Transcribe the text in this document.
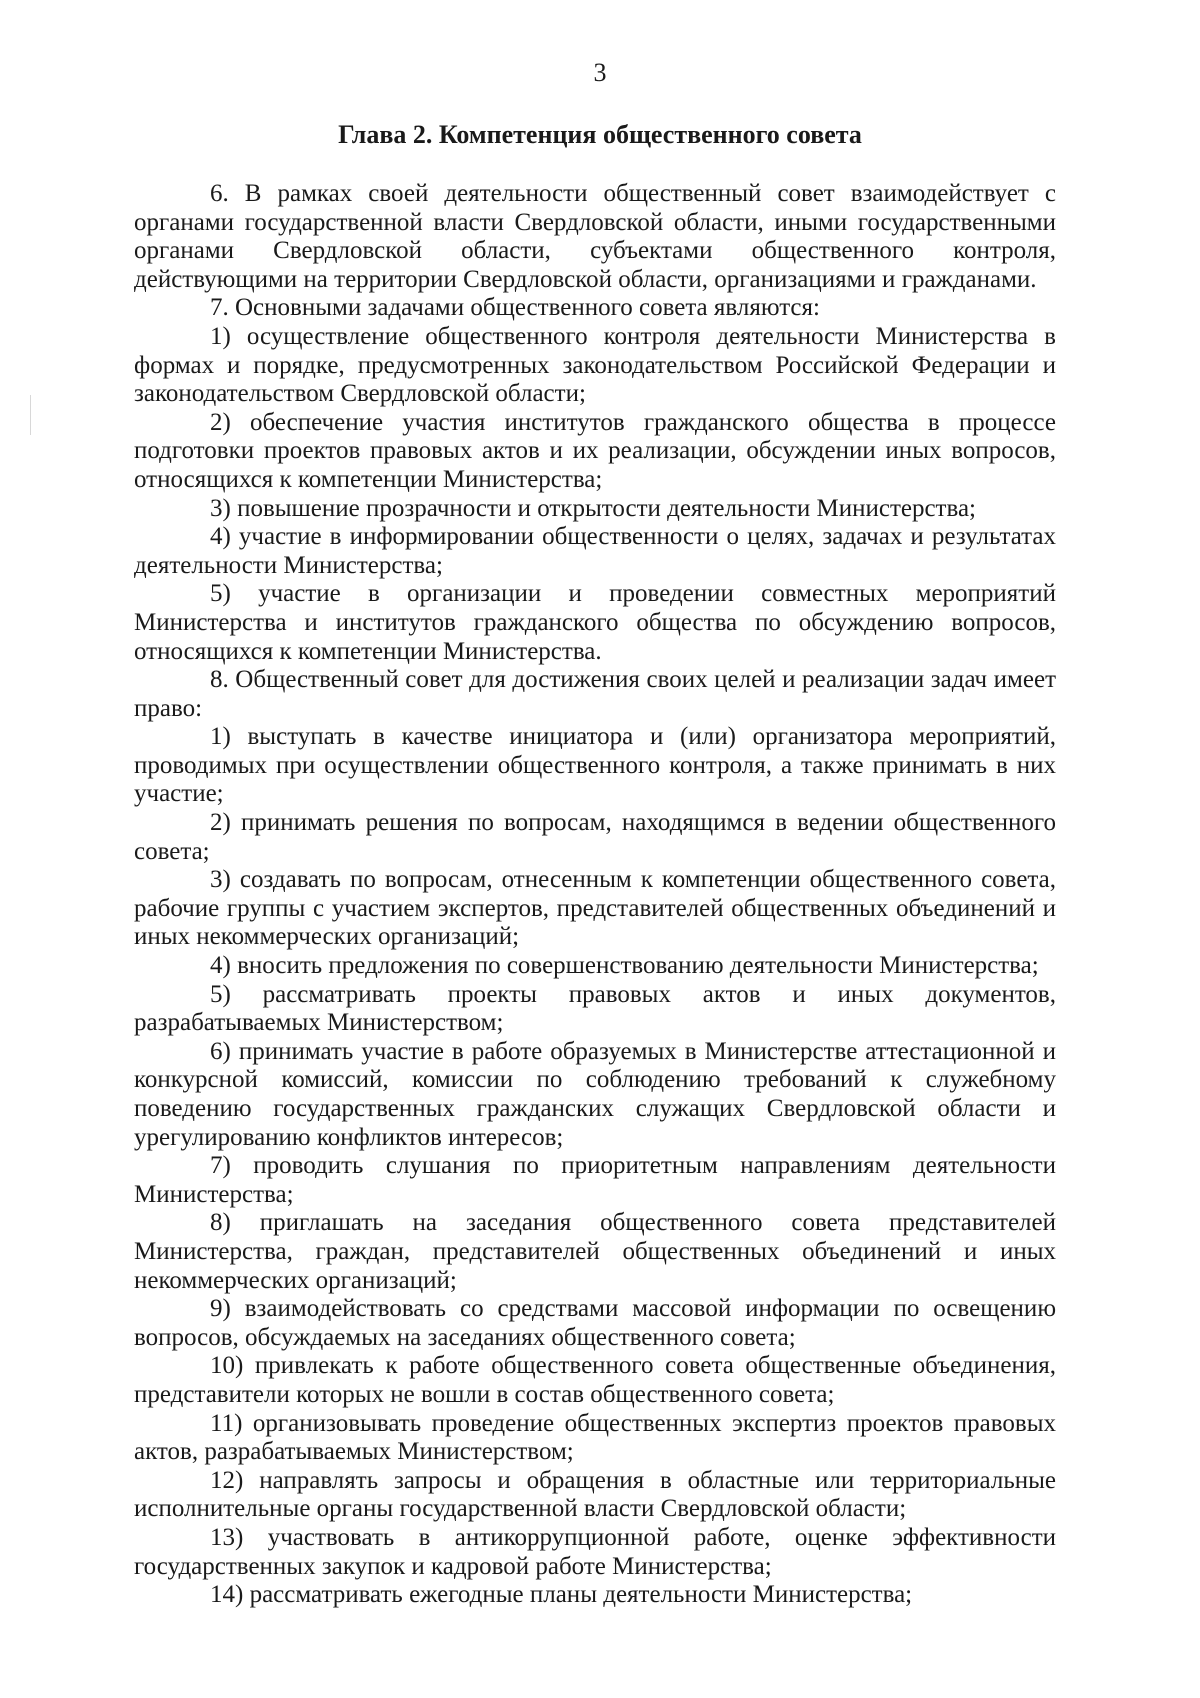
3
Глава 2. Компетенция общественного совета

6. В рамках своей деятельности общественный совет взаимодействует с органами государственной власти Свердловской области, иными государственными органами Свердловской области, субъектами общественного контроля, действующими на территории Свердловской области, организациями и гражданами.

7. Основными задачами общественного совета являются:

1) осуществление общественного контроля деятельности Министерства в формах и порядке, предусмотренных законодательством Российской Федерации и законодательством Свердловской области;

2) обеспечение участия институтов гражданского общества в процессе подготовки проектов правовых актов и их реализации, обсуждении иных вопросов, относящихся к компетенции Министерства;

3) повышение прозрачности и открытости деятельности Министерства;

4) участие в информировании общественности о целях, задачах и результатах деятельности Министерства;

5) участие в организации и проведении совместных мероприятий Министерства и институтов гражданского общества по обсуждению вопросов, относящихся к компетенции Министерства.

8. Общественный совет для достижения своих целей и реализации задач имеет право:

1) выступать в качестве инициатора и (или) организатора мероприятий, проводимых при осуществлении общественного контроля, а также принимать в них участие;

2) принимать решения по вопросам, находящимся в ведении общественного совета;

3) создавать по вопросам, отнесенным к компетенции общественного совета, рабочие группы с участием экспертов, представителей общественных объединений и иных некоммерческих организаций;

4) вносить предложения по совершенствованию деятельности Министерства;

5) рассматривать проекты правовых актов и иных документов, разрабатываемых Министерством;

6) принимать участие в работе образуемых в Министерстве аттестационной и конкурсной комиссий, комиссии по соблюдению требований к служебному поведению государственных гражданских служащих Свердловской области и урегулированию конфликтов интересов;

7) проводить слушания по приоритетным направлениям деятельности Министерства;

8) приглашать на заседания общественного совета представителей Министерства, граждан, представителей общественных объединений и иных некоммерческих организаций;

9) взаимодействовать со средствами массовой информации по освещению вопросов, обсуждаемых на заседаниях общественного совета;

10) привлекать к работе общественного совета общественные объединения, представители которых не вошли в состав общественного совета;

11) организовывать проведение общественных экспертиз проектов правовых актов, разрабатываемых Министерством;

12) направлять запросы и обращения в областные или территориальные исполнительные органы государственной власти Свердловской области;

13) участвовать в антикоррупционной работе, оценке эффективности государственных закупок и кадровой работе Министерства;

14) рассматривать ежегодные планы деятельности Министерства;
